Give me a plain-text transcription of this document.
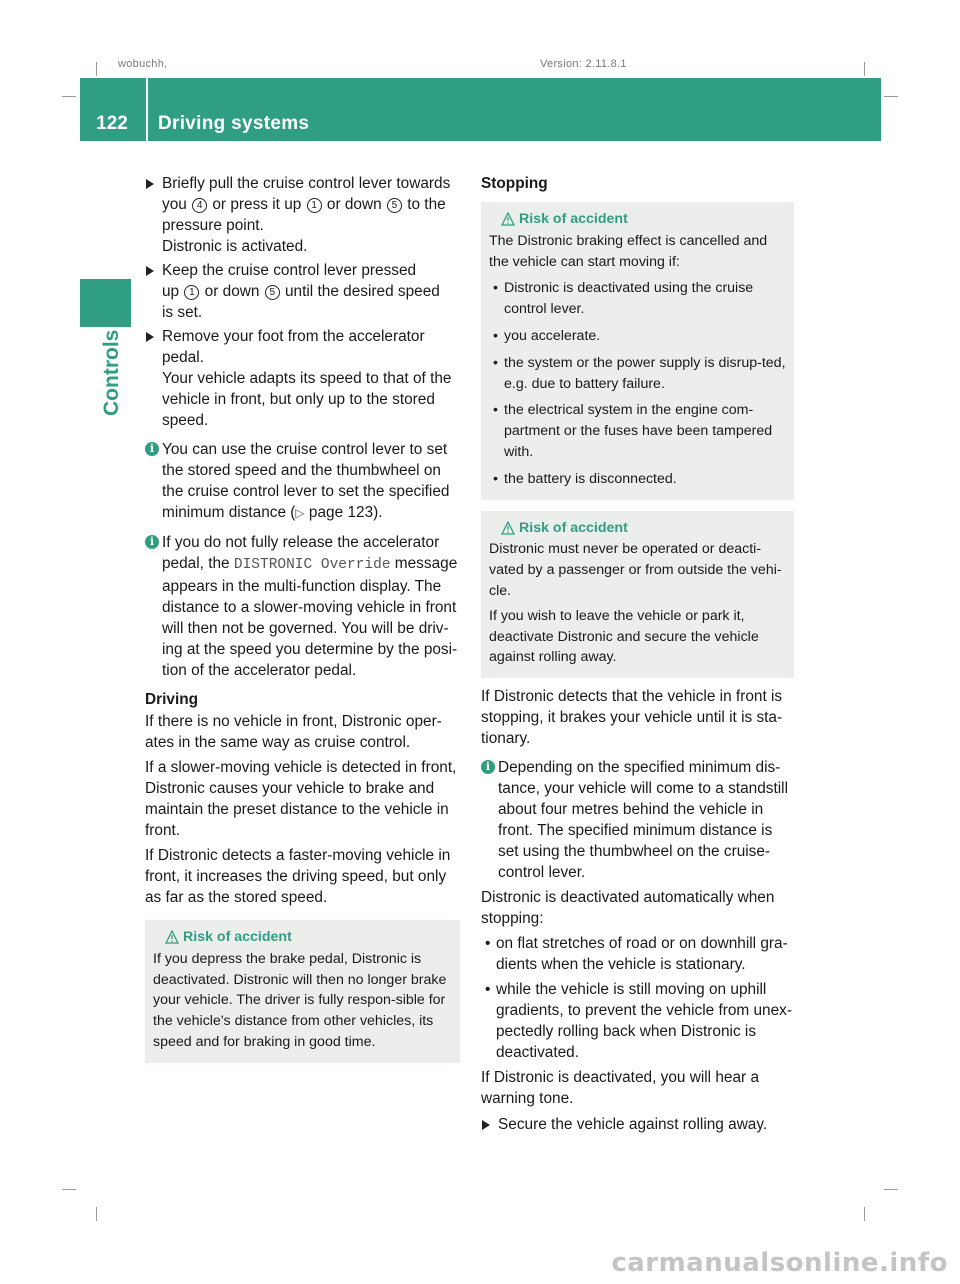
wobuchh,	Version: 2.11.8.1
122	Driving systems
Controls
Briefly pull the cruise control lever towards
you 4 or press it up 1 or down 5 to the
pressure point.

Distronic is activated.

Keep the cruise control lever pressed
up 1 or down 5 until the desired speed
is set.
Remove your foot from the accelerator pedal.

Your vehicle adapts its speed to that of the vehicle in front, but only up to the stored speed.

i You can use the cruise control lever to set the stored speed and the thumbwheel on the cruise control lever to set the specified minimum distance (▷ page 123).
i If you do not fully release the accelerator pedal, the DISTRONIC Override message appears in the multi-function display. The distance to a slower-moving vehicle in front will then not be governed. You will be driv-ing at the speed you determine by the posi-tion of the accelerator pedal.

Driving

If there is no vehicle in front, Distronic oper-ates in the same way as cruise control.

If a slower-moving vehicle is detected in front, Distronic causes your vehicle to brake and maintain the preset distance to the vehicle in front.

If Distronic detects a faster-moving vehicle in front, it increases the driving speed, but only as far as the stored speed.

Risk of accident

If you depress the brake pedal, Distronic is deactivated. Distronic will then no longer brake your vehicle. The driver is fully respon-sible for the vehicle's distance from other vehicles, its speed and for braking in good time.

Stopping

Risk of accident

The Distronic braking effect is cancelled and the vehicle can start moving if:

• Distronic is deactivated using the cruise control lever.
• you accelerate.
• the system or the power supply is disrup-ted, e.g. due to battery failure.
• the electrical system in the engine com-partment or the fuses have been tampered with.
• the battery is disconnected.
Risk of accident

Distronic must never be operated or deacti-vated by a passenger or from outside the vehi-cle.

If you wish to leave the vehicle or park it, deactivate Distronic and secure the vehicle against rolling away.

If Distronic detects that the vehicle in front is stopping, it brakes your vehicle until it is sta-tionary.

i Depending on the specified minimum dis-tance, your vehicle will come to a standstill about four metres behind the vehicle in front. The specified minimum distance is set using the thumbwheel on the cruise-control lever.

Distronic is deactivated automatically when stopping:

• on flat stretches of road or on downhill gra-dients when the vehicle is stationary.
• while the vehicle is still moving on uphill gradients, to prevent the vehicle from unex-pectedly rolling back when Distronic is deactivated.

If Distronic is deactivated, you will hear a warning tone.

Secure the vehicle against rolling away.
carmanualsonline.info
